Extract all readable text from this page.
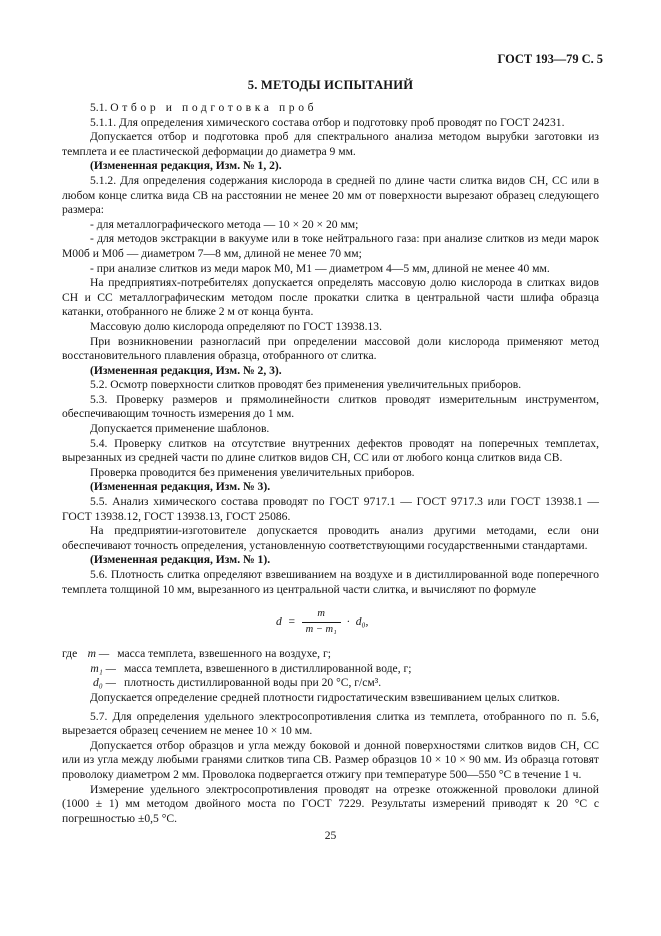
ГОСТ 193—79 С. 5
5. МЕТОДЫ ИСПЫТАНИЙ

5.1. Отбор и подготовка проб

5.1.1. Для определения химического состава отбор и подготовку проб проводят по ГОСТ 24231.

Допускается отбор и подготовка проб для спектрального анализа методом вырубки заготовки из темплета и ее пластической деформации до диаметра 9 мм.

(Измененная редакция, Изм. № 1, 2).

5.1.2. Для определения содержания кислорода в средней по длине части слитка видов СН, СС или в любом конце слитка вида СВ на расстоянии не менее 20 мм от поверхности вырезают образец следующего размера:

- для металлографического метода — 10 × 20 × 20 мм;

- для методов экстракции в вакууме или в токе нейтрального газа: при анализе слитков из меди марок М00б и М0б — диаметром 7—8 мм, длиной не менее 70 мм;

- при анализе слитков из меди марок М0, М1 — диаметром 4—5 мм, длиной не менее 40 мм.

На предприятиях-потребителях допускается определять массовую долю кислорода в слитках видов СН и СС металлографическим методом после прокатки слитка в центральной части шлифа образца катанки, отобранного не ближе 2 м от конца бунта.

Массовую долю кислорода определяют по ГОСТ 13938.13.

При возникновении разногласий при определении массовой доли кислорода применяют метод восстановительного плавления образца, отобранного от слитка.

(Измененная редакция, Изм. № 2, 3).

5.2. Осмотр поверхности слитков проводят без применения увеличительных приборов.

5.3. Проверку размеров и прямолинейности слитков проводят измерительным инструментом, обеспечивающим точность измерения до 1 мм.

Допускается применение шаблонов.

5.4. Проверку слитков на отсутствие внутренних дефектов проводят на поперечных темплетах, вырезанных из средней части по длине слитков видов СН, СС или от любого конца слитков вида СВ.

Проверка проводится без применения увеличительных приборов.

(Измененная редакция, Изм. № 3).

5.5. Анализ химического состава проводят по ГОСТ 9717.1 — ГОСТ 9717.3 или ГОСТ 13938.1 — ГОСТ 13938.12, ГОСТ 13938.13, ГОСТ 25086.

На предприятии-изготовителе допускается проводить анализ другими методами, если они обеспечивают точность определения, установленную соответствующими государственными стандартами.

(Измененная редакция, Изм. № 1).

5.6. Плотность слитка определяют взвешиванием на воздухе и в дистиллированной воде поперечного темплета толщиной 10 мм, вырезанного из центральной части слитка, и вычисляют по формуле

$d = \frac{m}{\text{m − m₁}} \cdot d_0$,
где m — масса темплета, взвешенного на воздухе, г;
m₁ — масса темплета, взвешенного в дистиллированной воде, г;
d₀ — плотность дистиллированной воды при 20 °С, г/см³.

Допускается определение средней плотности гидростатическим взвешиванием целых слитков.

5.7. Для определения удельного электросопротивления слитка из темплета, отобранного по п. 5.6, вырезается образец сечением не менее 10 × 10 мм.

Допускается отбор образцов и угла между боковой и донной поверхностями слитков видов СН, СС или из угла между любыми гранями слитков типа СВ. Размер образцов 10 × 10 × 90 мм. Из образца готовят проволоку диаметром 2 мм. Проволока подвергается отжигу при температуре 500—550 °С в течение 1 ч.

Измерение удельного электросопротивления проводят на отрезке отожженной проволоки длиной (1000 ± 1) мм методом двойного моста по ГОСТ 7229. Результаты измерений приводят к 20 °С с погрешностью ±0,5 °С.

25
